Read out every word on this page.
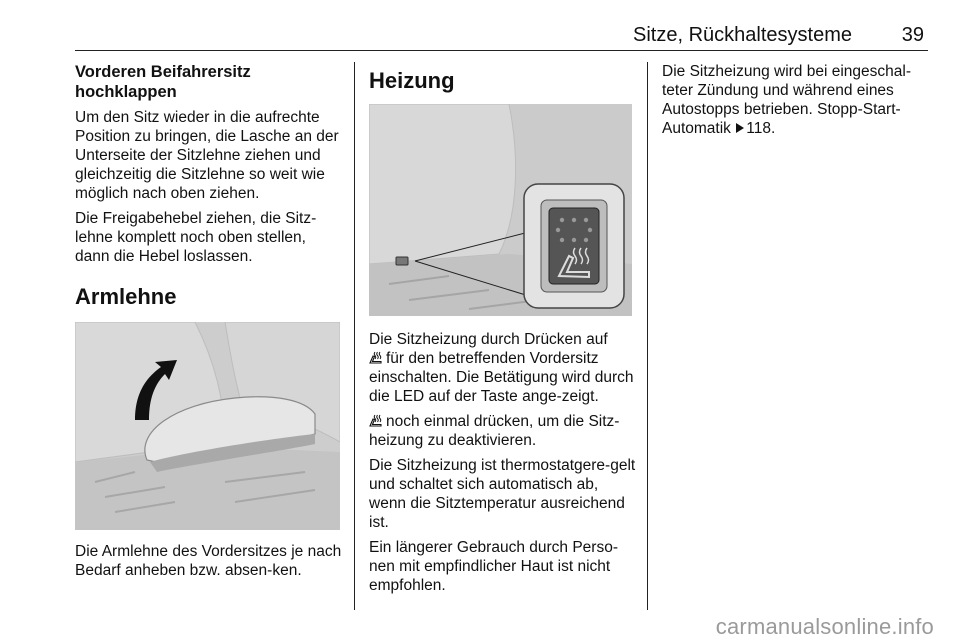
Sitze, Rückhaltesysteme 39
Vorderen Beifahrersitz hochklappen

Um den Sitz wieder in die aufrechte Position zu bringen, die Lasche an der Unterseite der Sitzlehne ziehen und gleichzeitig die Sitzlehne so weit wie möglich nach oben ziehen.

Die Freigabehebel ziehen, die Sitz-lehne komplett noch oben stellen, dann die Hebel loslassen.

Armlehne

Die Armlehne des Vordersitzes je nach Bedarf anheben bzw. absen-ken.

Heizung

Die Sitzheizung durch Drücken auf
für den betreffenden Vordersitz einschalten. Die Betätigung wird durch die LED auf der Taste ange-zeigt.

noch einmal drücken, um die Sitz-heizung zu deaktivieren.

Die Sitzheizung ist thermostatgere-gelt und schaltet sich automatisch ab, wenn die Sitztemperatur ausreichend ist.

Ein längerer Gebrauch durch Perso-nen mit empfindlicher Haut ist nicht empfohlen.

Die Sitzheizung wird bei eingeschal-teter Zündung und während eines Autostopps betrieben. Stopp-Start-Automatik 118.

carmanualsonline.info
